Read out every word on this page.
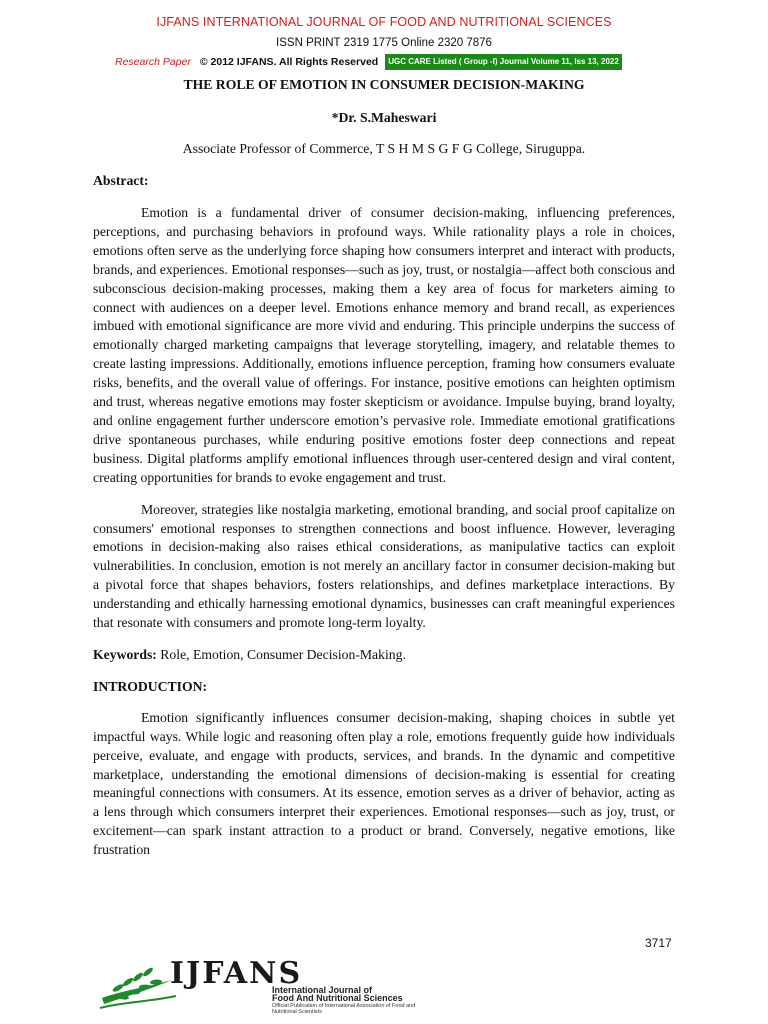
IJFANS INTERNATIONAL JOURNAL OF FOOD AND NUTRITIONAL SCIENCES
ISSN PRINT 2319 1775 Online 2320 7876
Research Paper © 2012 IJFANS. All Rights Reserved	UGC CARE Listed ( Group -I) Journal Volume 11, Iss 13, 2022
THE ROLE OF EMOTION IN CONSUMER DECISION-MAKING
*Dr. S.Maheswari
Associate Professor of Commerce, T S H M S G F G College, Siruguppa.
Abstract:

Emotion is a fundamental driver of consumer decision-making, influencing preferences, perceptions, and purchasing behaviors in profound ways. While rationality plays a role in choices, emotions often serve as the underlying force shaping how consumers interpret and interact with products, brands, and experiences. Emotional responses—such as joy, trust, or nostalgia—affect both conscious and subconscious decision-making processes, making them a key area of focus for marketers aiming to connect with audiences on a deeper level. Emotions enhance memory and brand recall, as experiences imbued with emotional significance are more vivid and enduring. This principle underpins the success of emotionally charged marketing campaigns that leverage storytelling, imagery, and relatable themes to create lasting impressions. Additionally, emotions influence perception, framing how consumers evaluate risks, benefits, and the overall value of offerings. For instance, positive emotions can heighten optimism and trust, whereas negative emotions may foster skepticism or avoidance. Impulse buying, brand loyalty, and online engagement further underscore emotion’s pervasive role. Immediate emotional gratifications drive spontaneous purchases, while enduring positive emotions foster deep connections and repeat business. Digital platforms amplify emotional influences through user-centered design and viral content, creating opportunities for brands to evoke engagement and trust.

Moreover, strategies like nostalgia marketing, emotional branding, and social proof capitalize on consumers' emotional responses to strengthen connections and boost influence. However, leveraging emotions in decision-making also raises ethical considerations, as manipulative tactics can exploit vulnerabilities. In conclusion, emotion is not merely an ancillary factor in consumer decision-making but a pivotal force that shapes behaviors, fosters relationships, and defines marketplace interactions. By understanding and ethically harnessing emotional dynamics, businesses can craft meaningful experiences that resonate with consumers and promote long-term loyalty.

Keywords: Role, Emotion, Consumer Decision-Making.

INTRODUCTION:

Emotion significantly influences consumer decision-making, shaping choices in subtle yet impactful ways. While logic and reasoning often play a role, emotions frequently guide how individuals perceive, evaluate, and engage with products, services, and brands. In the dynamic and competitive marketplace, understanding the emotional dimensions of decision-making is essential for creating meaningful connections with consumers. At its essence, emotion serves as a driver of behavior, acting as a lens through which consumers interpret their experiences. Emotional responses—such as joy, trust, or excitement—can spark instant attraction to a product or brand. Conversely, negative emotions, like frustration

3717
IJFANS
International Journal of
Food And Nutritional Sciences
Official Publication of International Association of Food and Nutritional Scientists
